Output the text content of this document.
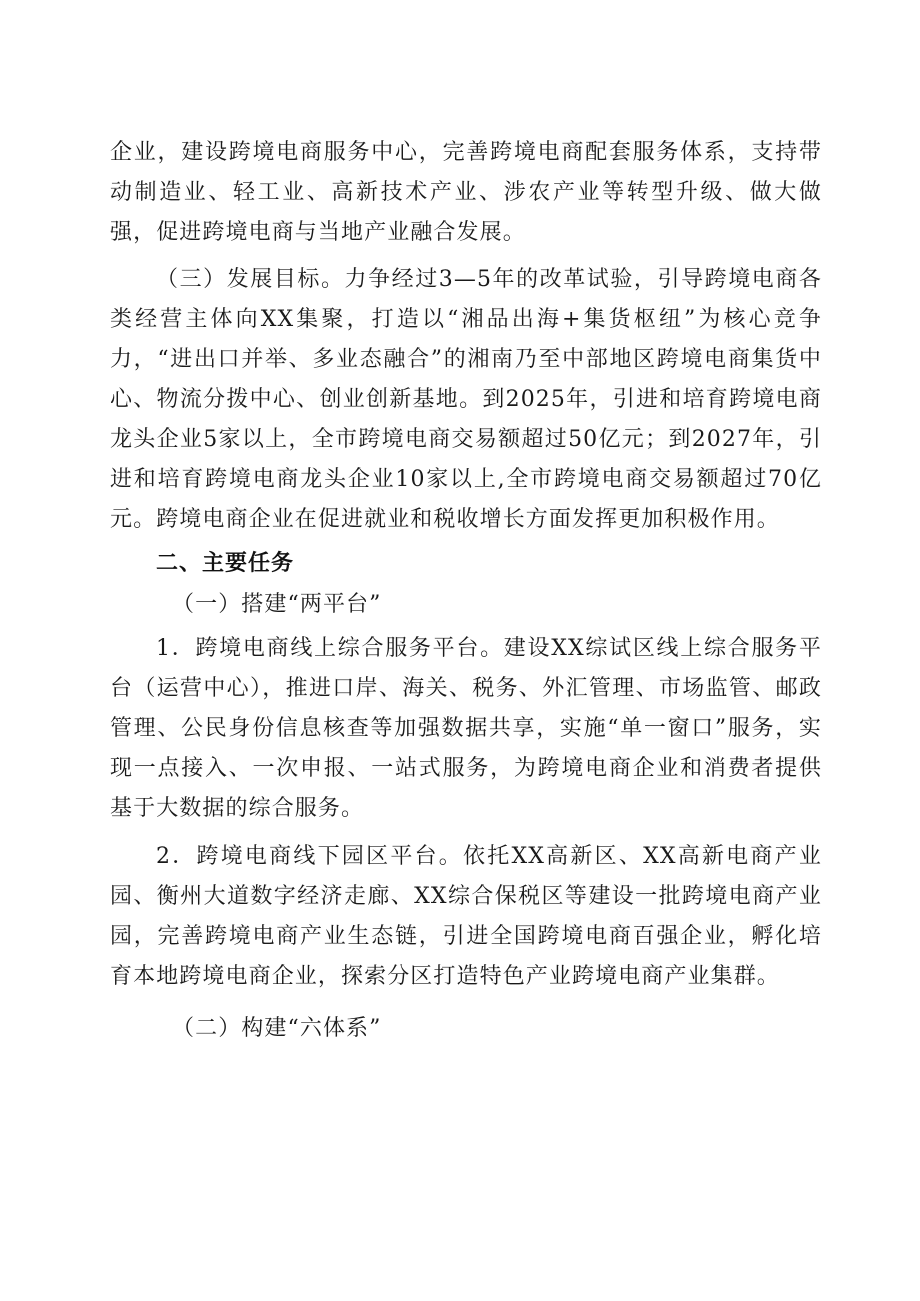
企业，建设跨境电商服务中心，完善跨境电商配套服务体系，支持带动制造业、轻工业、高新技术产业、涉农产业等转型升级、做大做强，促进跨境电商与当地产业融合发展。

（三）发展目标。力争经过3—5年的改革试验，引导跨境电商各类经营主体向XX集聚，打造以“湘品出海+集货枢纽”为核心竞争力，“进出口并举、多业态融合”的湘南乃至中部地区跨境电商集货中心、物流分拨中心、创业创新基地。到2025年，引进和培育跨境电商龙头企业5家以上，全市跨境电商交易额超过50亿元；到2027年，引进和培育跨境电商龙头企业10家以上,全市跨境电商交易额超过70亿元。跨境电商企业在促进就业和税收增长方面发挥更加积极作用。

二、主要任务

（一）搭建“两平台”

1．跨境电商线上综合服务平台。建设XX综试区线上综合服务平台（运营中心），推进口岸、海关、税务、外汇管理、市场监管、邮政管理、公民身份信息核查等加强数据共享，实施“单一窗口”服务，实现一点接入、一次申报、一站式服务，为跨境电商企业和消费者提供基于大数据的综合服务。

2．跨境电商线下园区平台。依托XX高新区、XX高新电商产业园、衡州大道数字经济走廊、XX综合保税区等建设一批跨境电商产业园，完善跨境电商产业生态链，引进全国跨境电商百强企业，孵化培育本地跨境电商企业，探索分区打造特色产业跨境电商产业集群。

（二）构建“六体系”
